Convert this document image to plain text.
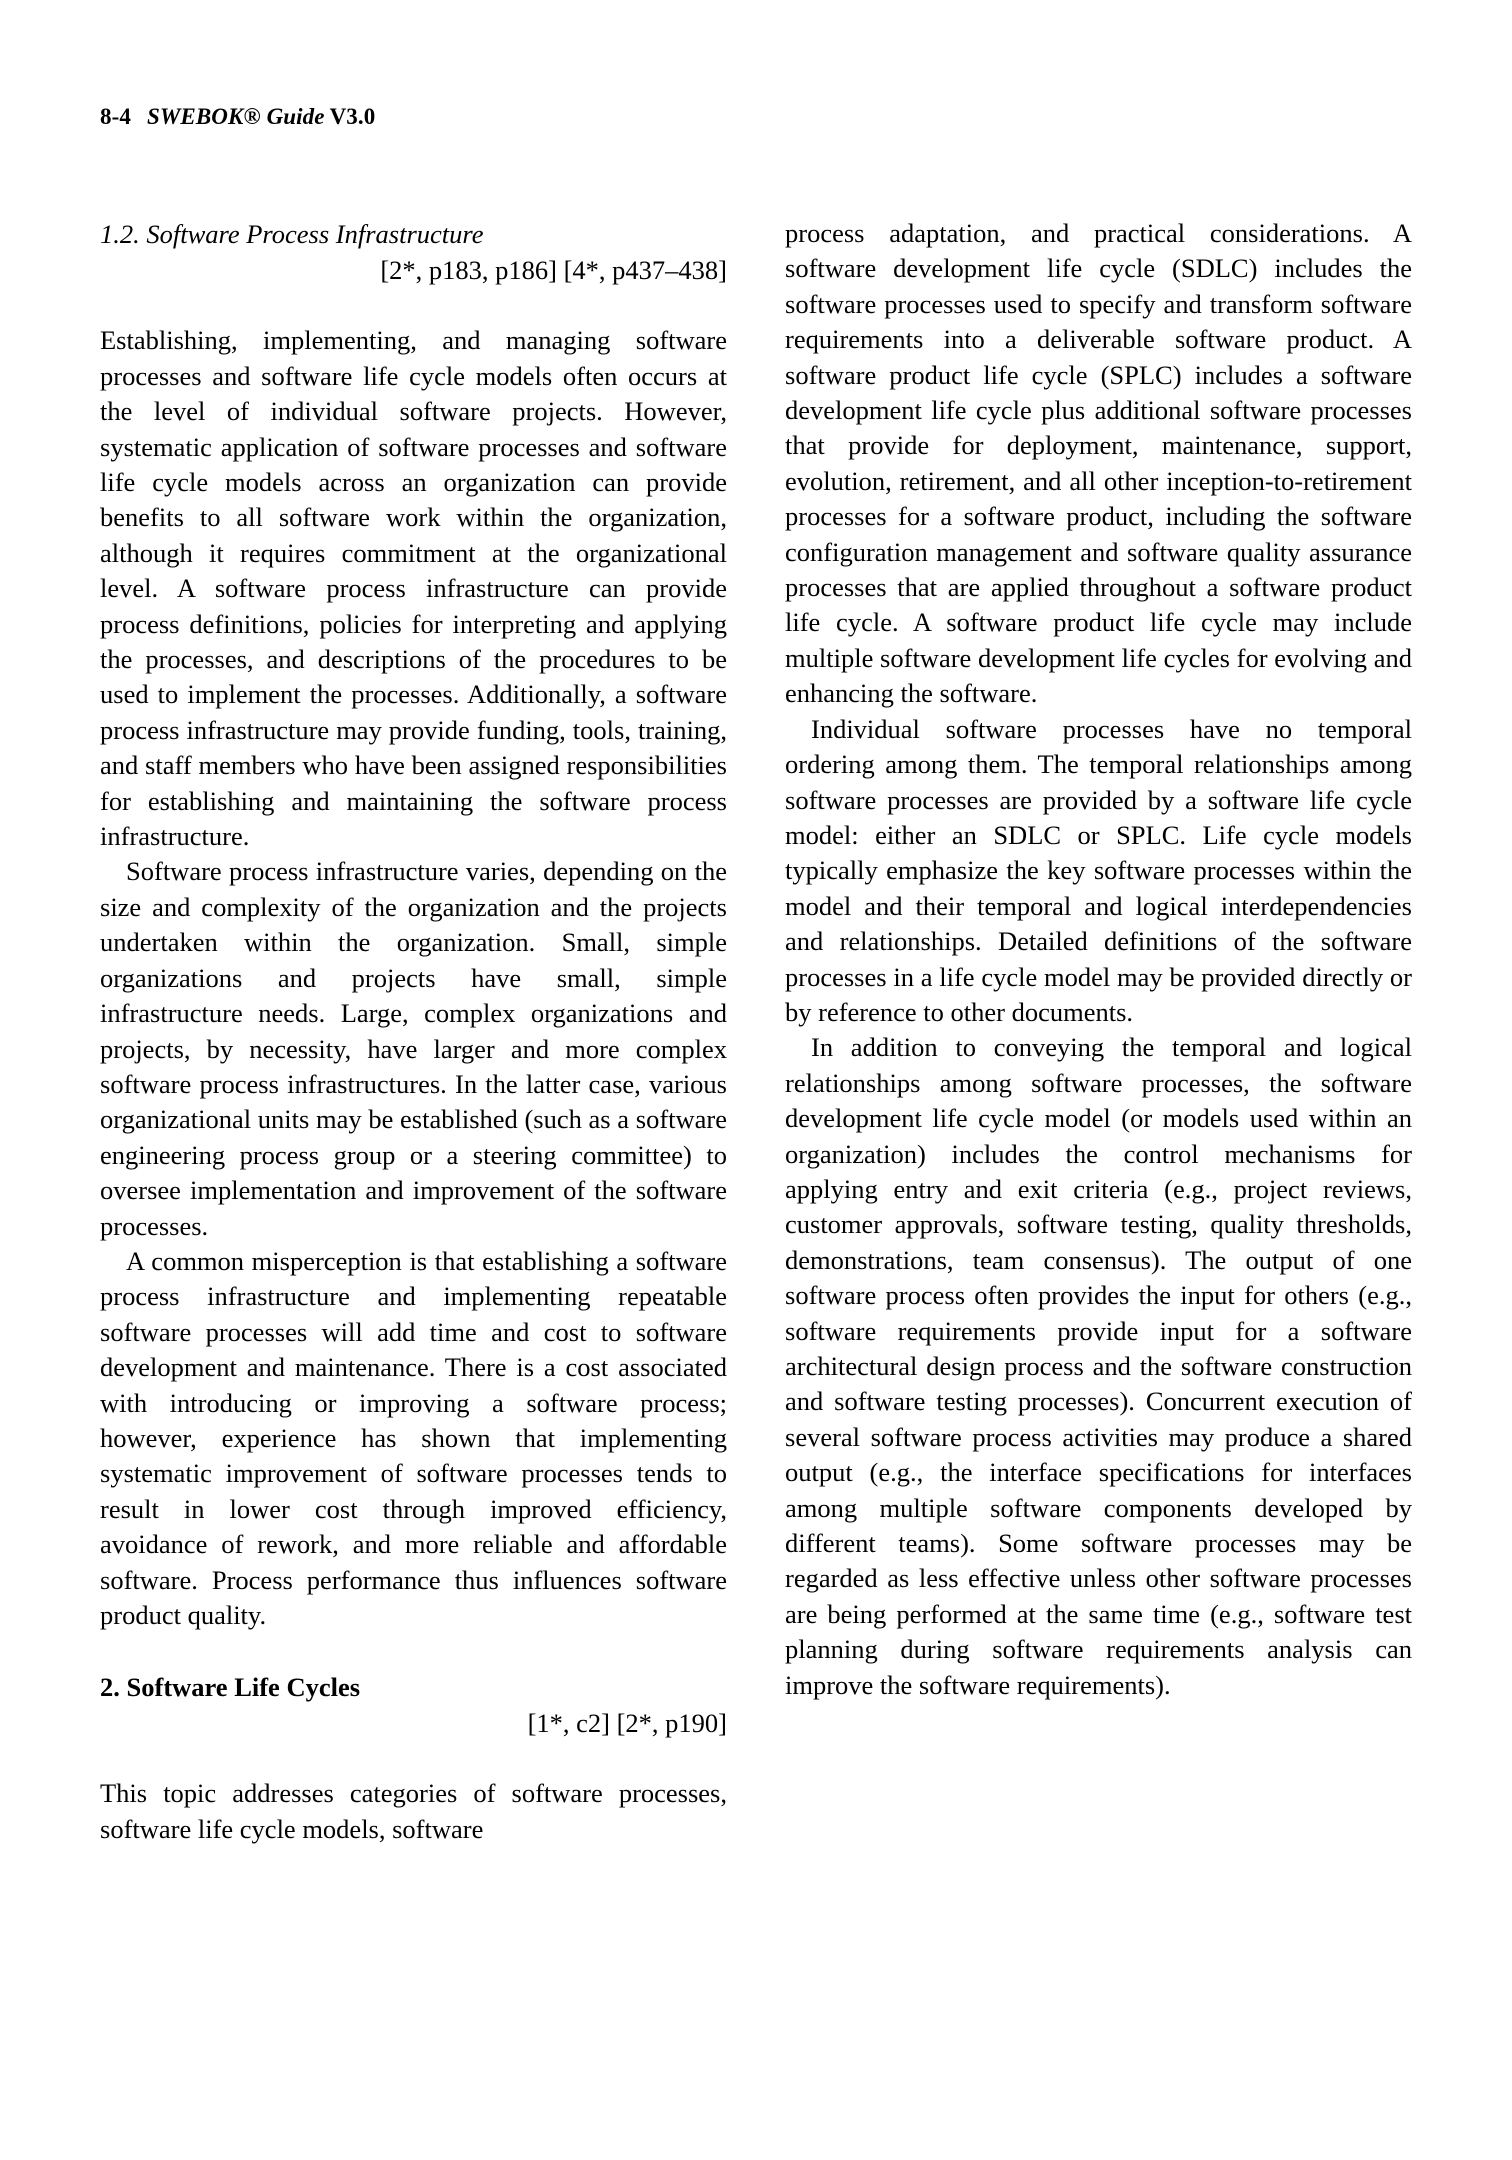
8-4 SWEBOK® Guide V3.0
1.2. Software Process Infrastructure
[2*, p183, p186] [4*, p437–438]

Establishing, implementing, and managing software processes and software life cycle models often occurs at the level of individual software projects. However, systematic application of software processes and software life cycle models across an organization can provide benefits to all software work within the organization, although it requires commitment at the organizational level. A software process infrastructure can provide process definitions, policies for interpreting and applying the processes, and descriptions of the procedures to be used to implement the processes. Additionally, a software process infrastructure may provide funding, tools, training, and staff members who have been assigned responsibilities for establishing and maintaining the software process infrastructure.

Software process infrastructure varies, depending on the size and complexity of the organization and the projects undertaken within the organization. Small, simple organizations and projects have small, simple infrastructure needs. Large, complex organizations and projects, by necessity, have larger and more complex software process infrastructures. In the latter case, various organizational units may be established (such as a software engineering process group or a steering committee) to oversee implementation and improvement of the software processes.

A common misperception is that establishing a software process infrastructure and implementing repeatable software processes will add time and cost to software development and maintenance. There is a cost associated with introducing or improving a software process; however, experience has shown that implementing systematic improvement of software processes tends to result in lower cost through improved efficiency, avoidance of rework, and more reliable and affordable software. Process performance thus influences software product quality.

2. Software Life Cycles
[1*, c2] [2*, p190]

This topic addresses categories of software processes, software life cycle models, software

process adaptation, and practical considerations. A software development life cycle (SDLC) includes the software processes used to specify and transform software requirements into a deliverable software product. A software product life cycle (SPLC) includes a software development life cycle plus additional software processes that provide for deployment, maintenance, support, evolution, retirement, and all other inception-to-retirement processes for a software product, including the software configuration management and software quality assurance processes that are applied throughout a software product life cycle. A software product life cycle may include multiple software development life cycles for evolving and enhancing the software.

Individual software processes have no temporal ordering among them. The temporal relationships among software processes are provided by a software life cycle model: either an SDLC or SPLC. Life cycle models typically emphasize the key software processes within the model and their temporal and logical interdependencies and relationships. Detailed definitions of the software processes in a life cycle model may be provided directly or by reference to other documents.

In addition to conveying the temporal and logical relationships among software processes, the software development life cycle model (or models used within an organization) includes the control mechanisms for applying entry and exit criteria (e.g., project reviews, customer approvals, software testing, quality thresholds, demonstrations, team consensus). The output of one software process often provides the input for others (e.g., software requirements provide input for a software architectural design process and the software construction and software testing processes). Concurrent execution of several software process activities may produce a shared output (e.g., the interface specifications for interfaces among multiple software components developed by different teams). Some software processes may be regarded as less effective unless other software processes are being performed at the same time (e.g., software test planning during software requirements analysis can improve the software requirements).
